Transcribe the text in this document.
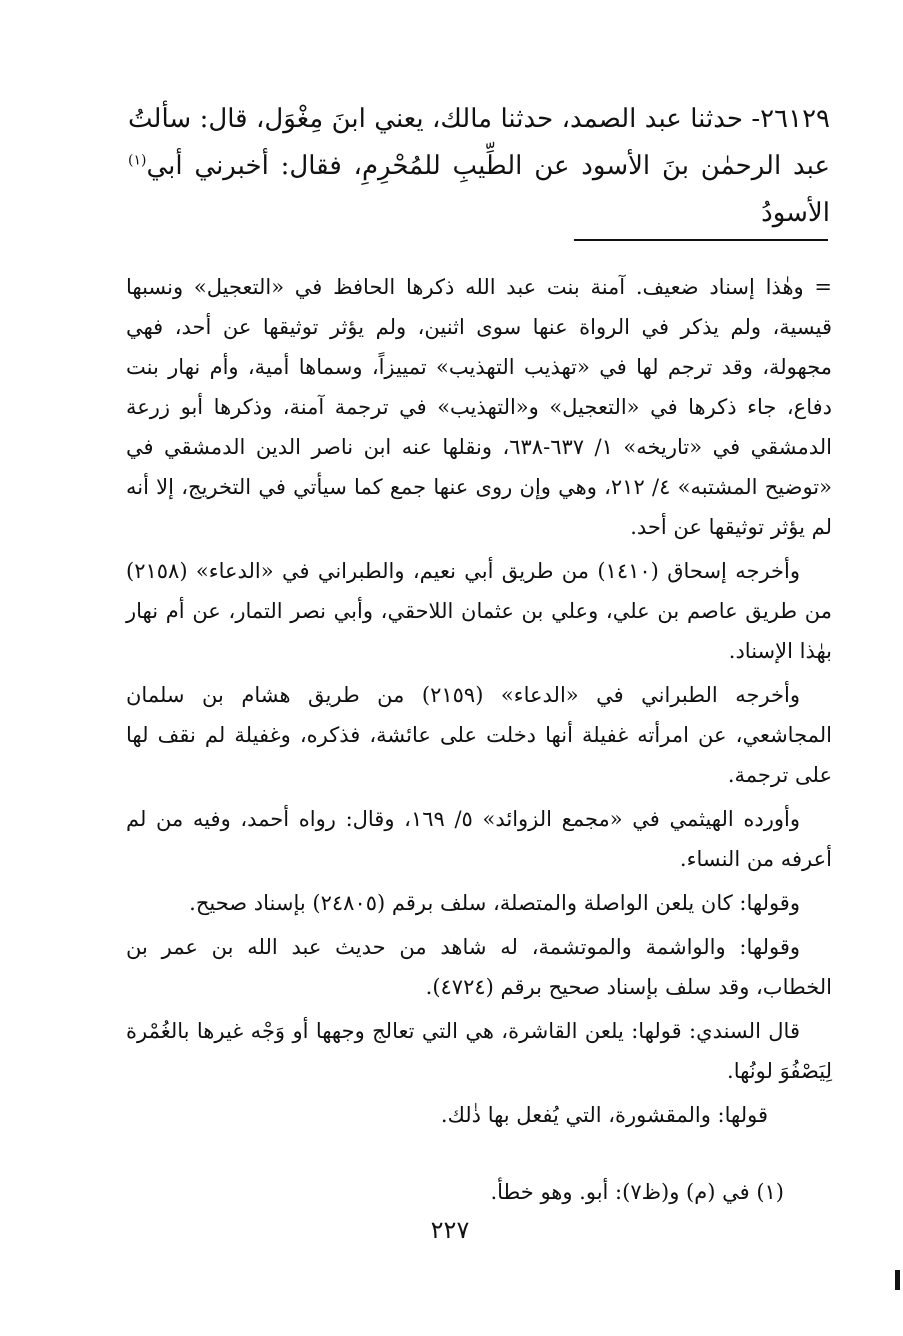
٢٦١٢٩- حدثنا عبد الصمد، حدثنا مالك، يعني ابنَ مِغْوَل، قال: سألتُ عبد الرحمٰن بنَ الأسود عن الطِّيبِ للمُحْرِمِ، فقال: أخبرني أبي$^{(١)}$ الأسودُ

= وهٰذا إسناد ضعيف. آمنة بنت عبد الله ذكرها الحافظ في «التعجيل» ونسبها قيسية، ولم يذكر في الرواة عنها سوى اثنين، ولم يؤثر توثيقها عن أحد، فهي مجهولة، وقد ترجم لها في «تهذيب التهذيب» تمييزاً، وسماها أمية، وأم نهار بنت دفاع، جاء ذكرها في «التعجيل» و«التهذيب» في ترجمة آمنة، وذكرها أبو زرعة الدمشقي في «تاريخه» ١/ ٦٣٧-٦٣٨، ونقلها عنه ابن ناصر الدين الدمشقي في «توضيح المشتبه» ٤/ ٢١٢، وهي وإن روى عنها جمع كما سيأتي في التخريج، إلا أنه لم يؤثر توثيقها عن أحد.

وأخرجه إسحاق (١٤١٠) من طريق أبي نعيم، والطبراني في «الدعاء» (٢١٥٨) من طريق عاصم بن علي، وعلي بن عثمان اللاحقي، وأبي نصر التمار، عن أم نهار بهٰذا الإسناد.

وأخرجه الطبراني في «الدعاء» (٢١٥٩) من طريق هشام بن سلمان المجاشعي، عن امرأته غفيلة أنها دخلت على عائشة، فذكره، وغفيلة لم نقف لها على ترجمة.

وأورده الهيثمي في «مجمع الزوائد» ٥/ ١٦٩، وقال: رواه أحمد، وفيه من لم أعرفه من النساء.

وقولها: كان يلعن الواصلة والمتصلة، سلف برقم (٢٤٨٠٥) بإسناد صحيح.

وقولها: والواشمة والموتشمة، له شاهد من حديث عبد الله بن عمر بن الخطاب، وقد سلف بإسناد صحيح برقم (٤٧٢٤).

قال السندي: قولها: يلعن القاشرة، هي التي تعالج وجهها أو وَجْه غيرها بالغُمْرة لِيَصْفُوَ لونُها.

قولها: والمقشورة، التي يُفعل بها ذٰلك.

(١) في (م) و(ظ٧): أبو. وهو خطأ.

٢٢٧
